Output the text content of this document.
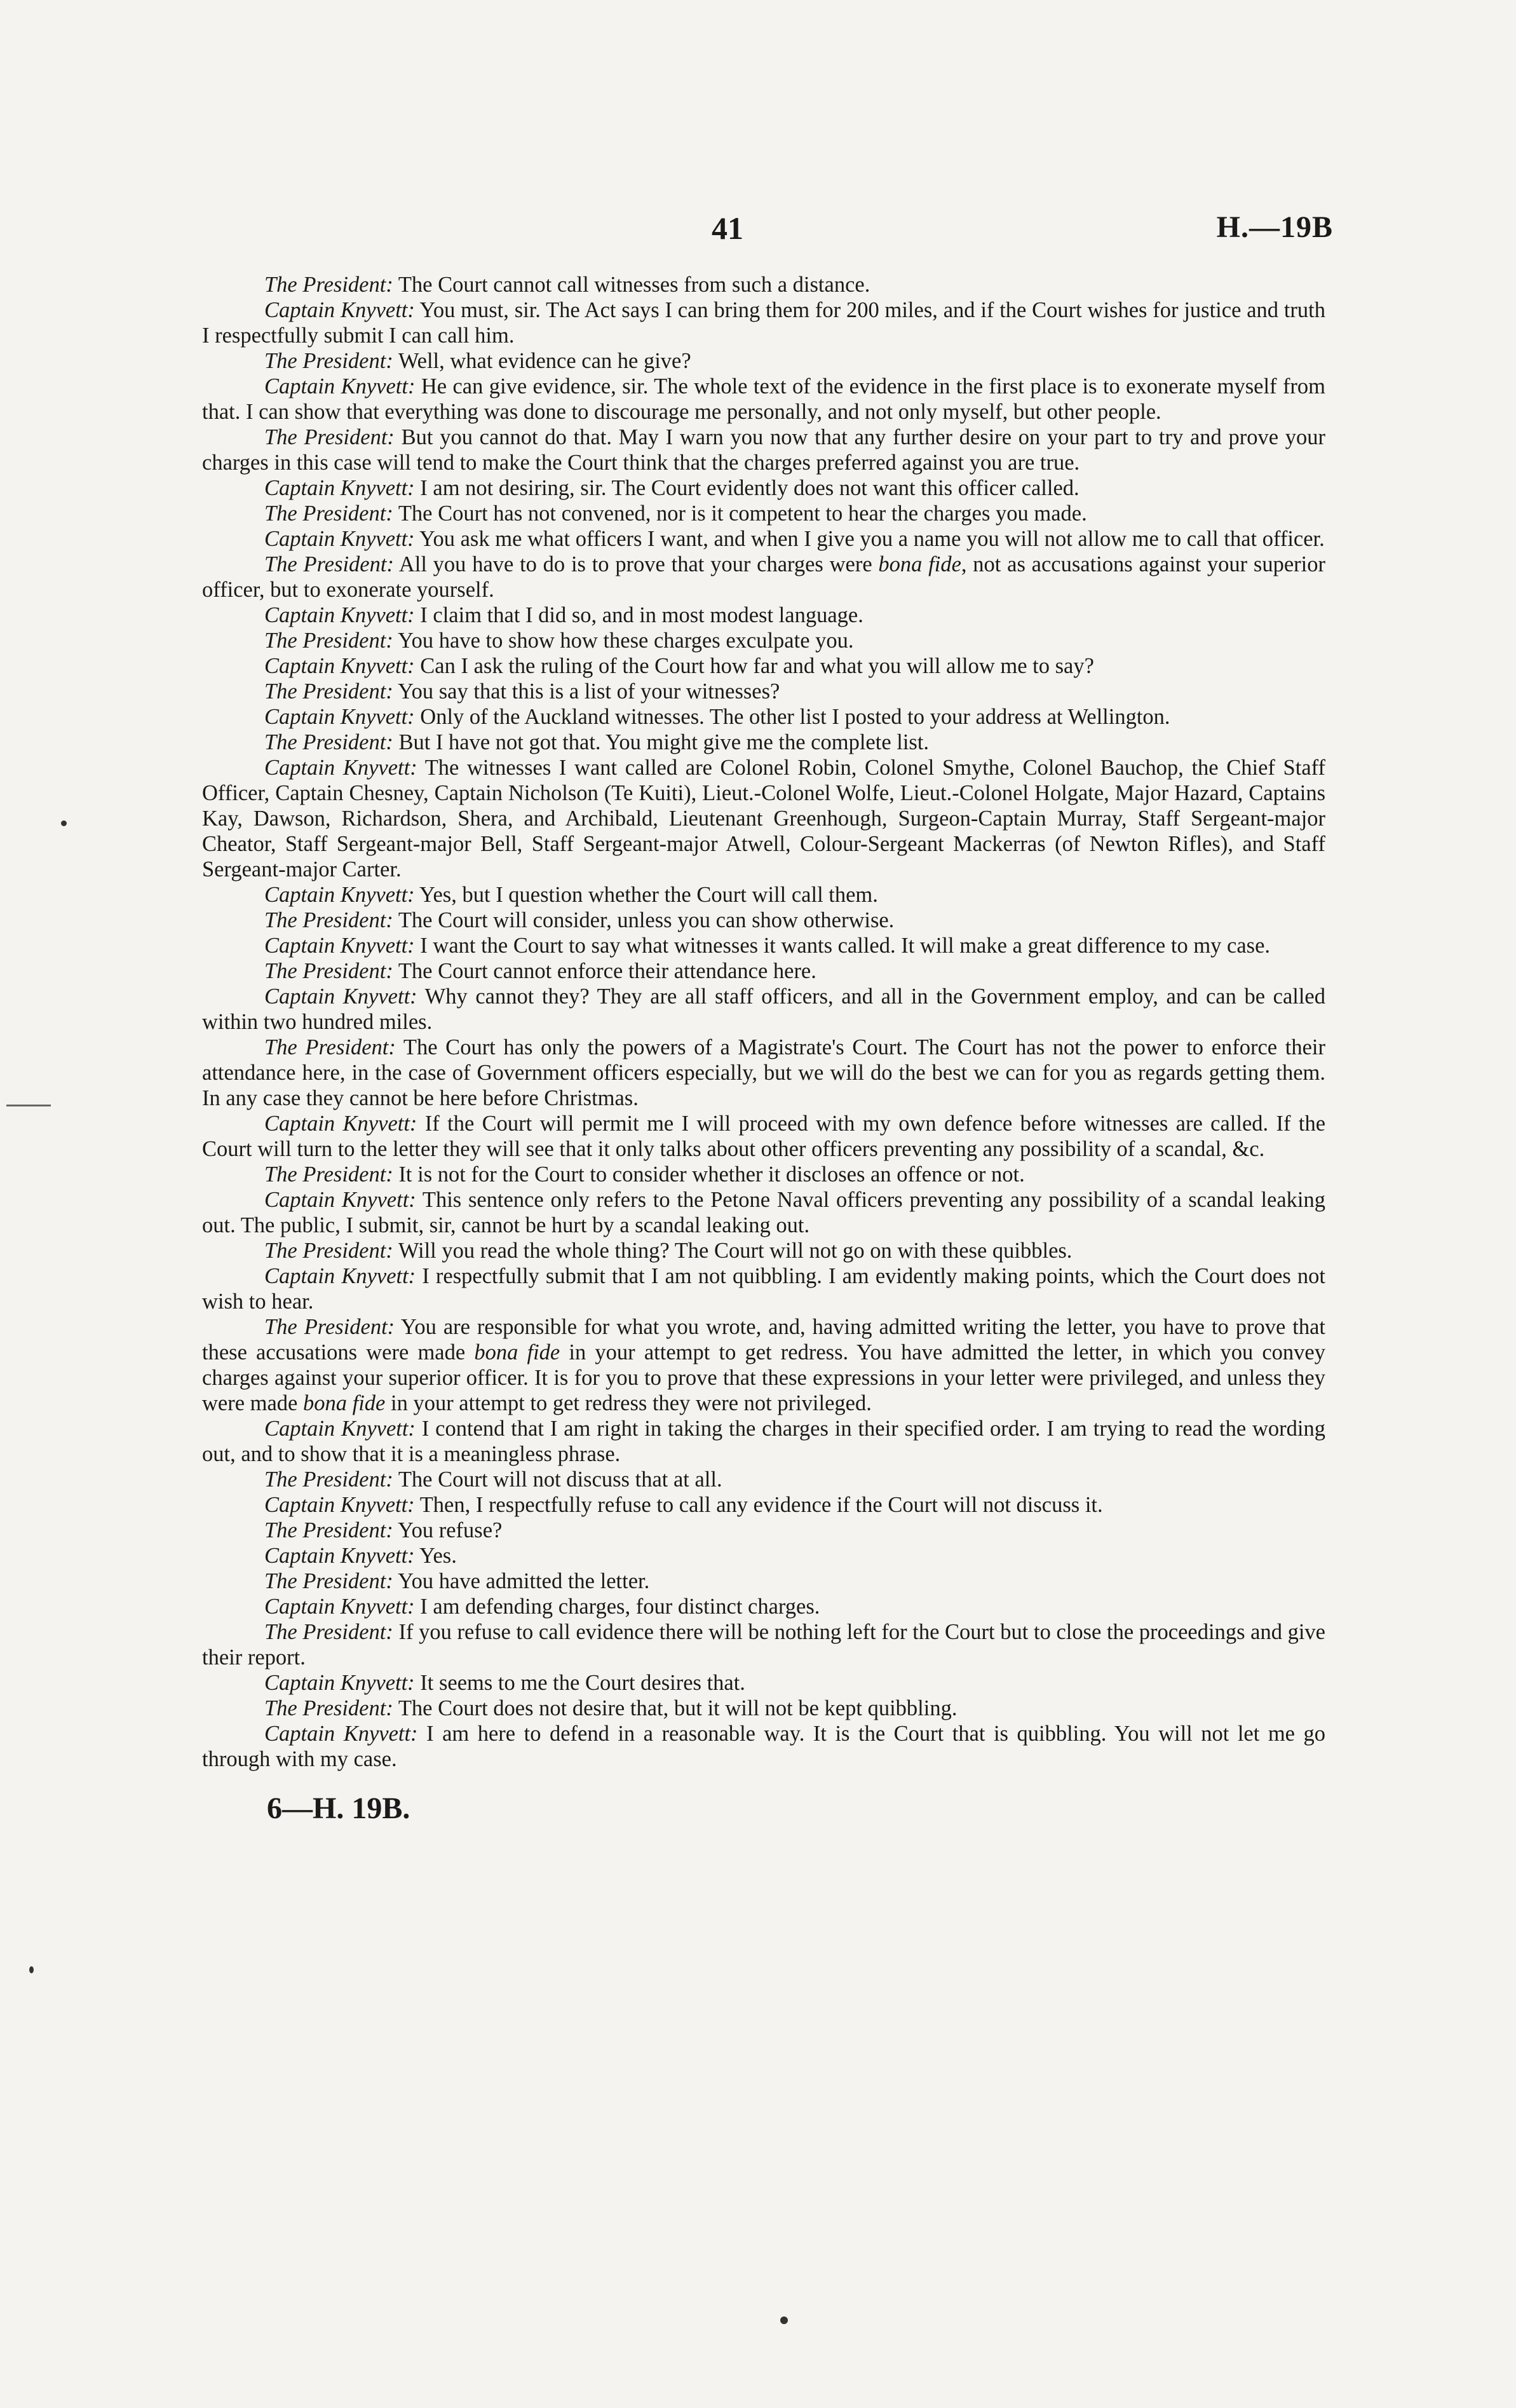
41	H.—19B

The President: The Court cannot call witnesses from such a distance.

Captain Knyvett: You must, sir. The Act says I can bring them for 200 miles, and if the Court wishes for justice and truth I respectfully submit I can call him.

The President: Well, what evidence can he give?

Captain Knyvett: He can give evidence, sir. The whole text of the evidence in the first place is to exonerate myself from that. I can show that everything was done to discourage me personally, and not only myself, but other people.

The President: But you cannot do that. May I warn you now that any further desire on your part to try and prove your charges in this case will tend to make the Court think that the charges preferred against you are true.

Captain Knyvett: I am not desiring, sir. The Court evidently does not want this officer called.

The President: The Court has not convened, nor is it competent to hear the charges you made.

Captain Knyvett: You ask me what officers I want, and when I give you a name you will not allow me to call that officer.

The President: All you have to do is to prove that your charges were bona fide, not as accusations against your superior officer, but to exonerate yourself.

Captain Knyvett: I claim that I did so, and in most modest language.

The President: You have to show how these charges exculpate you.

Captain Knyvett: Can I ask the ruling of the Court how far and what you will allow me to say?

The President: You say that this is a list of your witnesses?

Captain Knyvett: Only of the Auckland witnesses. The other list I posted to your address at Wellington.

The President: But I have not got that. You might give me the complete list.

Captain Knyvett: The witnesses I want called are Colonel Robin, Colonel Smythe, Colonel Bauchop, the Chief Staff Officer, Captain Chesney, Captain Nicholson (Te Kuiti), Lieut.-Colonel Wolfe, Lieut.-Colonel Holgate, Major Hazard, Captains Kay, Dawson, Richardson, Shera, and Archibald, Lieutenant Greenhough, Surgeon-Captain Murray, Staff Sergeant-major Cheator, Staff Sergeant-major Bell, Staff Sergeant-major Atwell, Colour-Sergeant Mackerras (of Newton Rifles), and Staff Sergeant-major Carter.

Captain Knyvett: Yes, but I question whether the Court will call them.

The President: The Court will consider, unless you can show otherwise.

Captain Knyvett: I want the Court to say what witnesses it wants called. It will make a great difference to my case.

The President: The Court cannot enforce their attendance here.

Captain Knyvett: Why cannot they? They are all staff officers, and all in the Government employ, and can be called within two hundred miles.

The President: The Court has only the powers of a Magistrate's Court. The Court has not the power to enforce their attendance here, in the case of Government officers especially, but we will do the best we can for you as regards getting them. In any case they cannot be here before Christmas.

Captain Knyvett: If the Court will permit me I will proceed with my own defence before witnesses are called. If the Court will turn to the letter they will see that it only talks about other officers preventing any possibility of a scandal, &c.

The President: It is not for the Court to consider whether it discloses an offence or not.

Captain Knyvett: This sentence only refers to the Petone Naval officers preventing any possibility of a scandal leaking out. The public, I submit, sir, cannot be hurt by a scandal leaking out.

The President: Will you read the whole thing? The Court will not go on with these quibbles.

Captain Knyvett: I respectfully submit that I am not quibbling. I am evidently making points, which the Court does not wish to hear.

The President: You are responsible for what you wrote, and, having admitted writing the letter, you have to prove that these accusations were made bona fide in your attempt to get redress. You have admitted the letter, in which you convey charges against your superior officer. It is for you to prove that these expressions in your letter were privileged, and unless they were made bona fide in your attempt to get redress they were not privileged.

Captain Knyvett: I contend that I am right in taking the charges in their specified order. I am trying to read the wording out, and to show that it is a meaningless phrase.

The President: The Court will not discuss that at all.

Captain Knyvett: Then, I respectfully refuse to call any evidence if the Court will not discuss it.

The President: You refuse?

Captain Knyvett: Yes.

The President: You have admitted the letter.

Captain Knyvett: I am defending charges, four distinct charges.

The President: If you refuse to call evidence there will be nothing left for the Court but to close the proceedings and give their report.

Captain Knyvett: It seems to me the Court desires that.

The President: The Court does not desire that, but it will not be kept quibbling.

Captain Knyvett: I am here to defend in a reasonable way. It is the Court that is quibbling. You will not let me go through with my case.

6—H. 19B.
